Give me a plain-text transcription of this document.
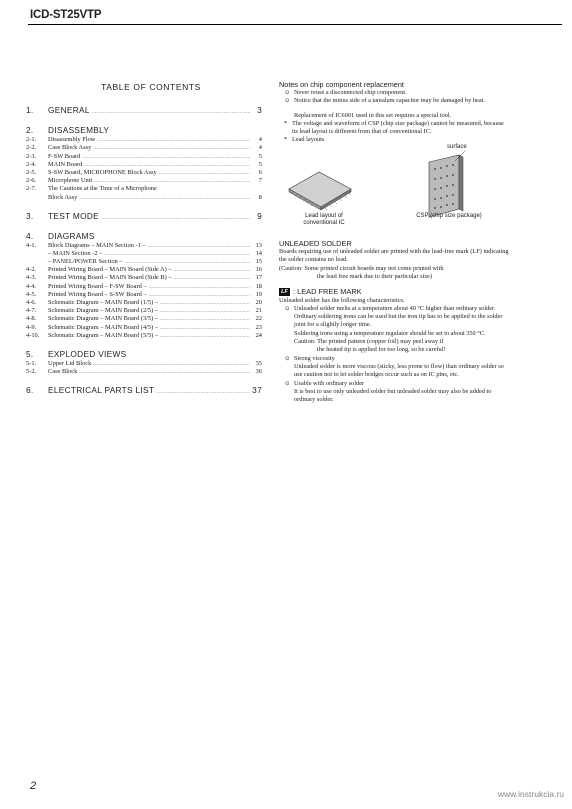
ICD-ST25VTP
TABLE OF CONTENTS
1.	GENERAL .....	3
2.	DISASSEMBLY
2-1.	Disassembly Flow .....	4
2-2.	Case Block Assy .....	4
2-3.	F-SW Board .....	5
2-4.	MAIN Board .....	5
2-5.	S-SW Board, MICROPHONE Block Assy .....	6
2-6.	Microphone Unit .....	7
2-7.	The Cautions at the Time of a Microphone
Block Assy .....	8
3.	TEST MODE .....	9
4.	DIAGRAMS
4-1.	Block Diagrams – MAIN Section -1 – .....	13
– MAIN Section -2 – .....	14
– PANEL/POWER Section – .....	15
4-2.	Printed Wiring Board – MAIN Board (Side A) – .....	16
4-3.	Printed Wiring Board – MAIN Board (Side B) – .....	17
4-4.	Printed Wiring Board – F-SW Board – .....	18
4-5.	Printed Wiring Board – S-SW Board – .....	19
4-6.	Schematic Diagram – MAIN Board (1/5) – .....	20
4-7.	Schematic Diagram – MAIN Board (2/5) – .....	21
4-8.	Schematic Diagram – MAIN Board (3/5) – .....	22
4-9.	Schematic Diagram – MAIN Board (4/5) – .....	23
4-10.	Schematic Diagram – MAIN Board (5/5) – .....	24
5.	EXPLODED VIEWS
5-1.	Upper Lid Block .....	35
5-2.	Case Block .....	36
6.	ELECTRICAL PARTS LIST .....	37
Notes on chip component replacement
⊙ Never reuse a disconnected chip component.
⊙ Notice that the minus side of a tantalum capacitor may be damaged by heat.
Replacement of IC6001 used in this set requires a special tool.
* The voltage and waveform of CSP (chip size package) cannot be measured, because its lead layout is different from that of conventional IC.
* Lead layouts
surface
Lead layout of
conventional IC
CSP (chip size package)
UNLEADED SOLDER
Boards requiring use of unleaded solder are printed with the lead-free mark (LF) indicating the solder contains no lead.
(Caution: Some printed circuit boards may not come printed with
the lead free mark due to their particular size)
LF : LEAD FREE MARK
Unleaded solder has the following characteristics.
⊙ Unleaded solder melts at a temperature about 40 °C higher than ordinary solder.
Ordinary soldering irons can be used but the iron tip has to be applied to the solder joint for a slightly longer time.
Soldering irons using a temperature regulator should be set to about 350 °C.
Caution: The printed pattern (copper foil) may peel away if
the heated tip is applied for too long, so be careful!
⊙ Strong viscosity
Unleaded solder is more viscous (sticky, less prone to flow) than ordinary solder so use caution not to let solder bridges occur such as on IC pins, etc.
⊙ Usable with ordinary solder
It is best to use only unleaded solder but unleaded solder may also be added to ordinary solder.
2
www.instrukcia.ru
